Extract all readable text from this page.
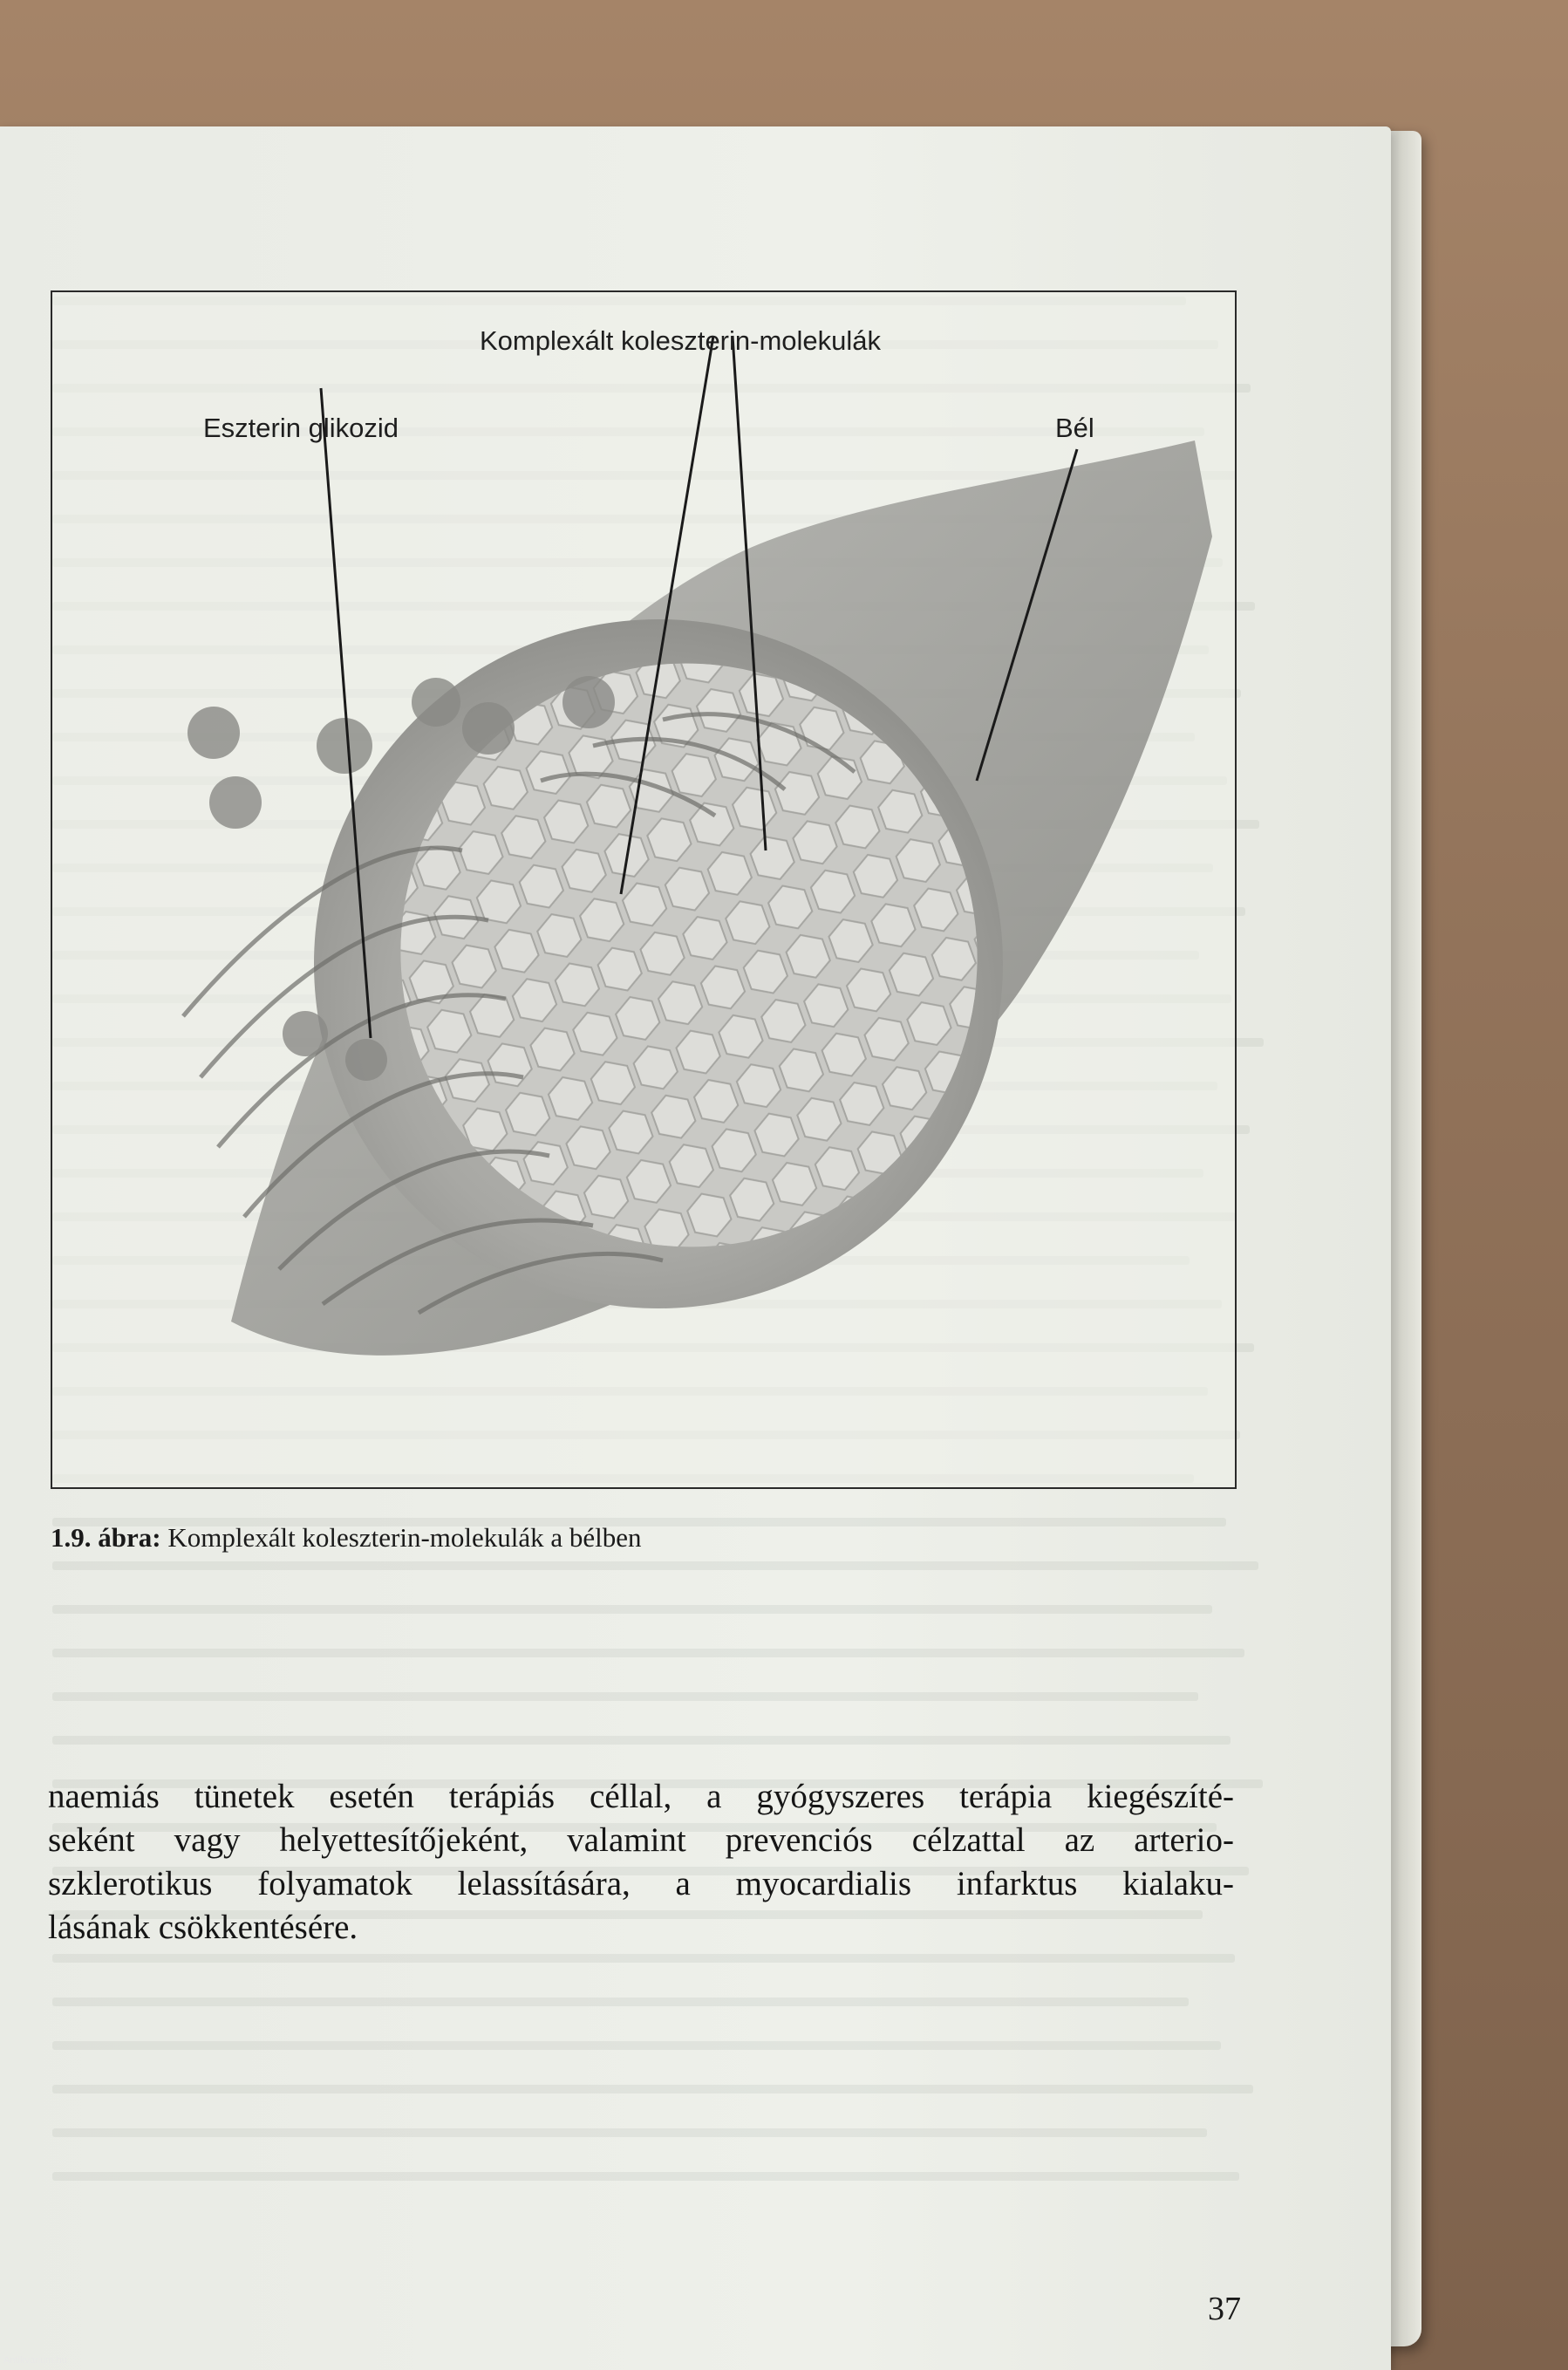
Komplexált koleszterin-molekulák
Eszterin glikozid	Bél
1.9. ábra: Komplexált koleszterin-molekulák a bélben

naemiás tünetek esetén terápiás céllal, a gyógyszeres terápia kiegészíté-
seként vagy helyettesítőjeként, valamint prevenciós célzattal az arterio-
szklerotikus folyamatok lelassítására, a myocardialis infarktus kialaku-
lásának csökkentésére.

37
Antikvarium.hu
